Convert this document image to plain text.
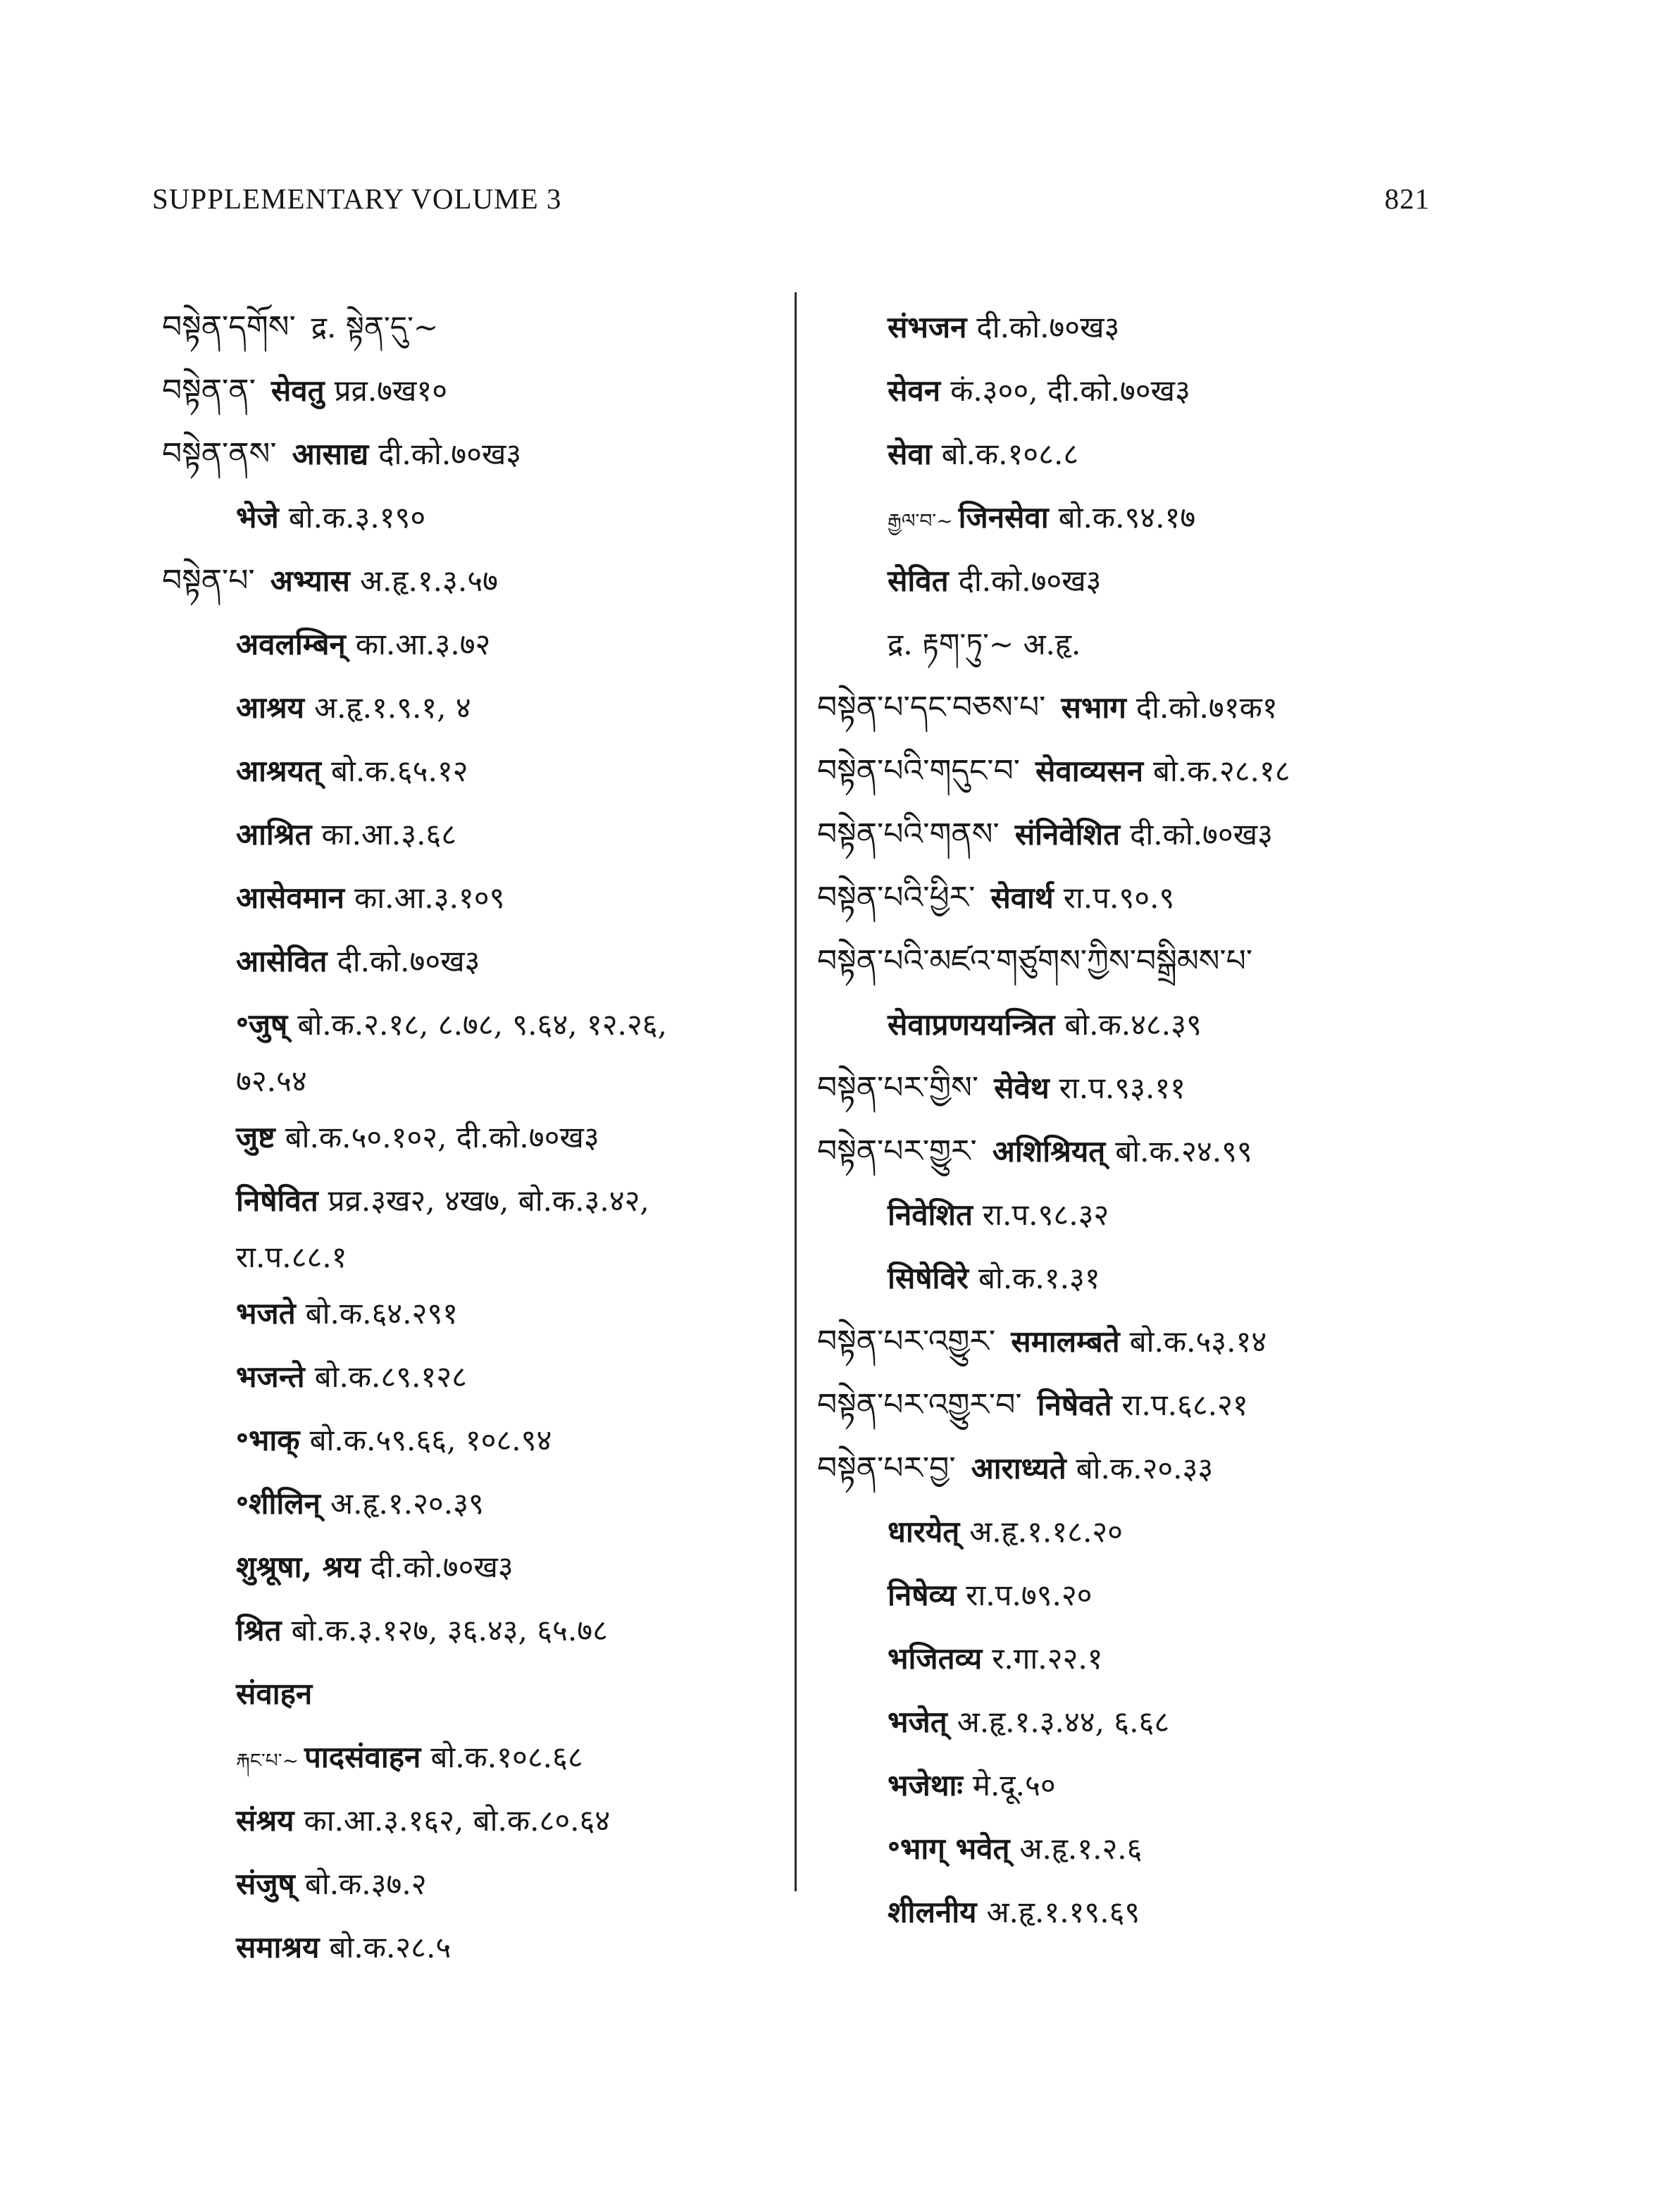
SUPPLEMENTARY VOLUME 3	821
བསྟེན་དགོས་ द्र. སྟེན་དུ་~
བསྟེན་ན་ सेवतु प्रव्र.७ख१०
བསྟེན་ནས་ आसाद्य दी.को.७०ख३
भेजे बो.क.३.१९०
བསྟེན་པ་ अभ्यास अ.हृ.१.३.५७
अवलम्बिन् का.आ.३.७२
आश्रय अ.हृ.१.९.१, ४
आश्रयत् बो.क.६५.१२
आश्रित का.आ.३.६८
आसेवमान का.आ.३.१०९
आसेवित दी.को.७०ख३
॰जुष् बो.क.२.१८, ८.७८, ९.६४, १२.२६,
७२.५४
जुष्ट बो.क.५०.१०२, दी.को.७०ख३
निषेवित प्रव्र.३ख२, ४ख७, बो.क.३.४२,
रा.प.८८.१
भजते बो.क.६४.२९१
भजन्ते बो.क.८९.१२८
॰भाक् बो.क.५९.६६, १०८.९४
॰शीलिन् अ.हृ.१.२०.३९
शुश्रूषा, श्रय दी.को.७०ख३
श्रित बो.क.३.१२७, ३६.४३, ६५.७८
संवाहन
རྐང་པ་~ पादसंवाहन बो.क.१०८.६८
संश्रय का.आ.३.१६२, बो.क.८०.६४
संजुष् बो.क.३७.२
समाश्रय बो.क.२८.५
संभजन दी.को.७०ख३
सेवन कं.३००, दी.को.७०ख३
सेवा बो.क.१०८.८
རྒྱལ་བ་~ जिनसेवा बो.क.९४.१७
सेवित दी.को.७०ख३
द्र. རྟག་ཏུ་~ अ.हृ.
བསྟེན་པ་དང་བཅས་པ་ सभाग दी.को.७१क१
བསྟེན་པའི་གདུང་བ་ सेवाव्यसन बो.क.२८.१८
བསྟེན་པའི་གནས་ संनिवेशित दी.को.७०ख३
བསྟེན་པའི་ཕྱིར་ सेवार्थ रा.प.९०.९
བསྟེན་པའི་མཛའ་གཙུགས་ཀྱིས་བསྒྲིམས་པ་
सेवाप्रणययन्त्रित बो.क.४८.३९
བསྟེན་པར་གྱིས་ सेवेथ रा.प.९३.११
བསྟེན་པར་གྱུར་ अशिश्रियत् बो.क.२४.९९
निवेशित रा.प.९८.३२
सिषेविरे बो.क.१.३१
བསྟེན་པར་འགྱུར་ समालम्बते बो.क.५३.१४
བསྟེན་པར་འགྱུར་བ་ निषेवते रा.प.६८.२१
བསྟེན་པར་བྱ་ आराध्यते बो.क.२०.३३
धारयेत् अ.हृ.१.१८.२०
निषेव्य रा.प.७९.२०
भजितव्य र.गा.२२.१
भजेत् अ.हृ.१.३.४४, ६.६८
भजेथाः मे.दू.५०
॰भाग् भवेत् अ.हृ.१.२.६
शीलनीय अ.हृ.१.१९.६९
